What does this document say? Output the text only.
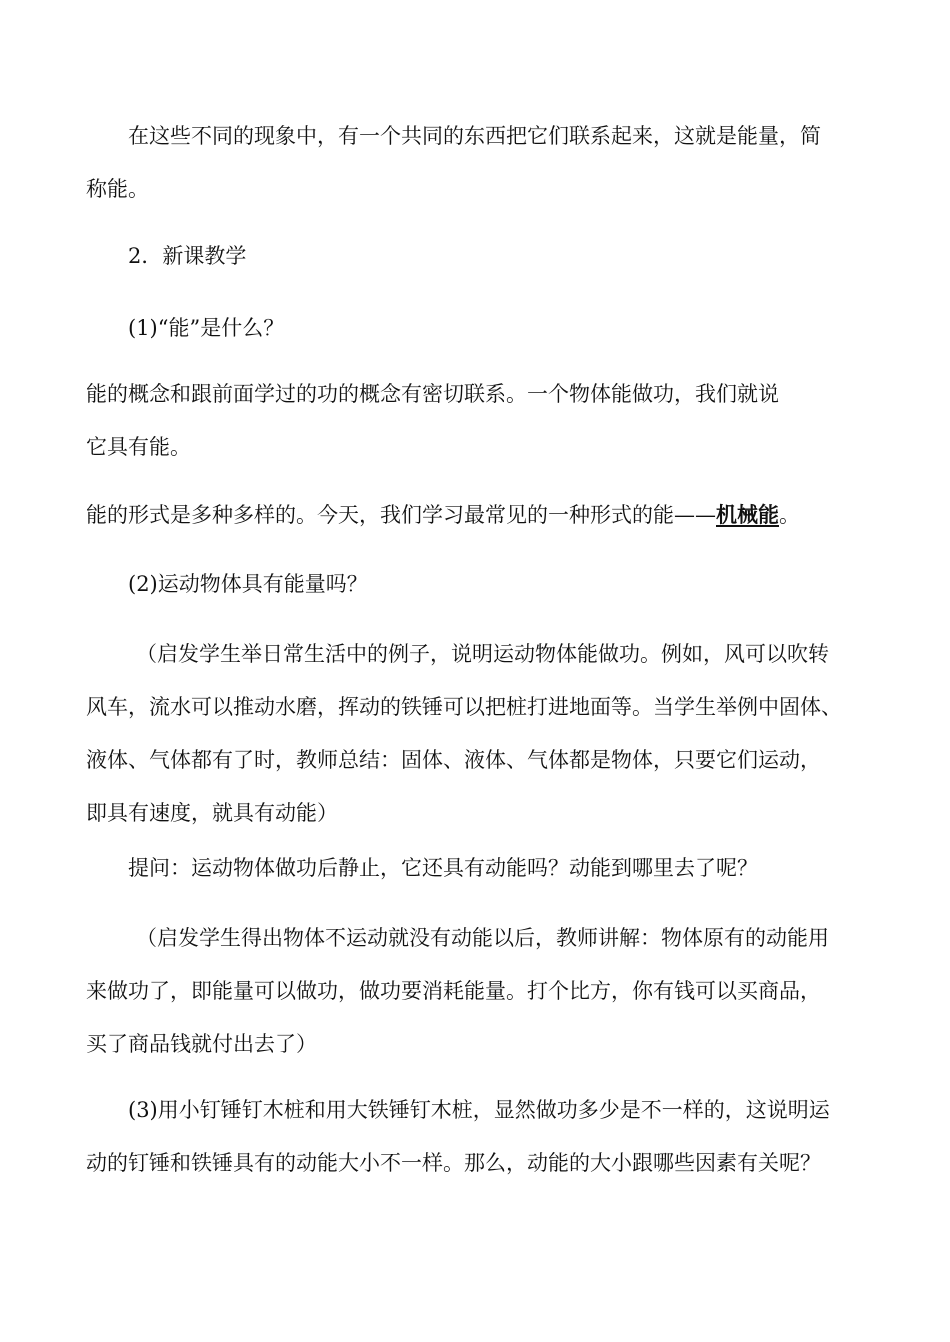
在这些不同的现象中，有一个共同的东西把它们联系起来，这就是能量，简
称能。

2．新课教学

(1)“能”是什么？

能的概念和跟前面学过的功的概念有密切联系。一个物体能做功，我们就说
它具有能。

能的形式是多种多样的。今天，我们学习最常见的一种形式的能——机械能。

(2)运动物体具有能量吗？

（启发学生举日常生活中的例子，说明运动物体能做功。例如，风可以吹转
风车，流水可以推动水磨，挥动的铁锤可以把桩打进地面等。当学生举例中固体、
液体、气体都有了时，教师总结：固体、液体、气体都是物体，只要它们运动，
即具有速度，就具有动能）

提问：运动物体做功后静止，它还具有动能吗？动能到哪里去了呢？

（启发学生得出物体不运动就没有动能以后，教师讲解：物体原有的动能用
来做功了，即能量可以做功，做功要消耗能量。打个比方，你有钱可以买商品，
买了商品钱就付出去了）

(3)用小钉锤钉木桩和用大铁锤钉木桩，显然做功多少是不一样的，这说明运
动的钉锤和铁锤具有的动能大小不一样。那么，动能的大小跟哪些因素有关呢？
